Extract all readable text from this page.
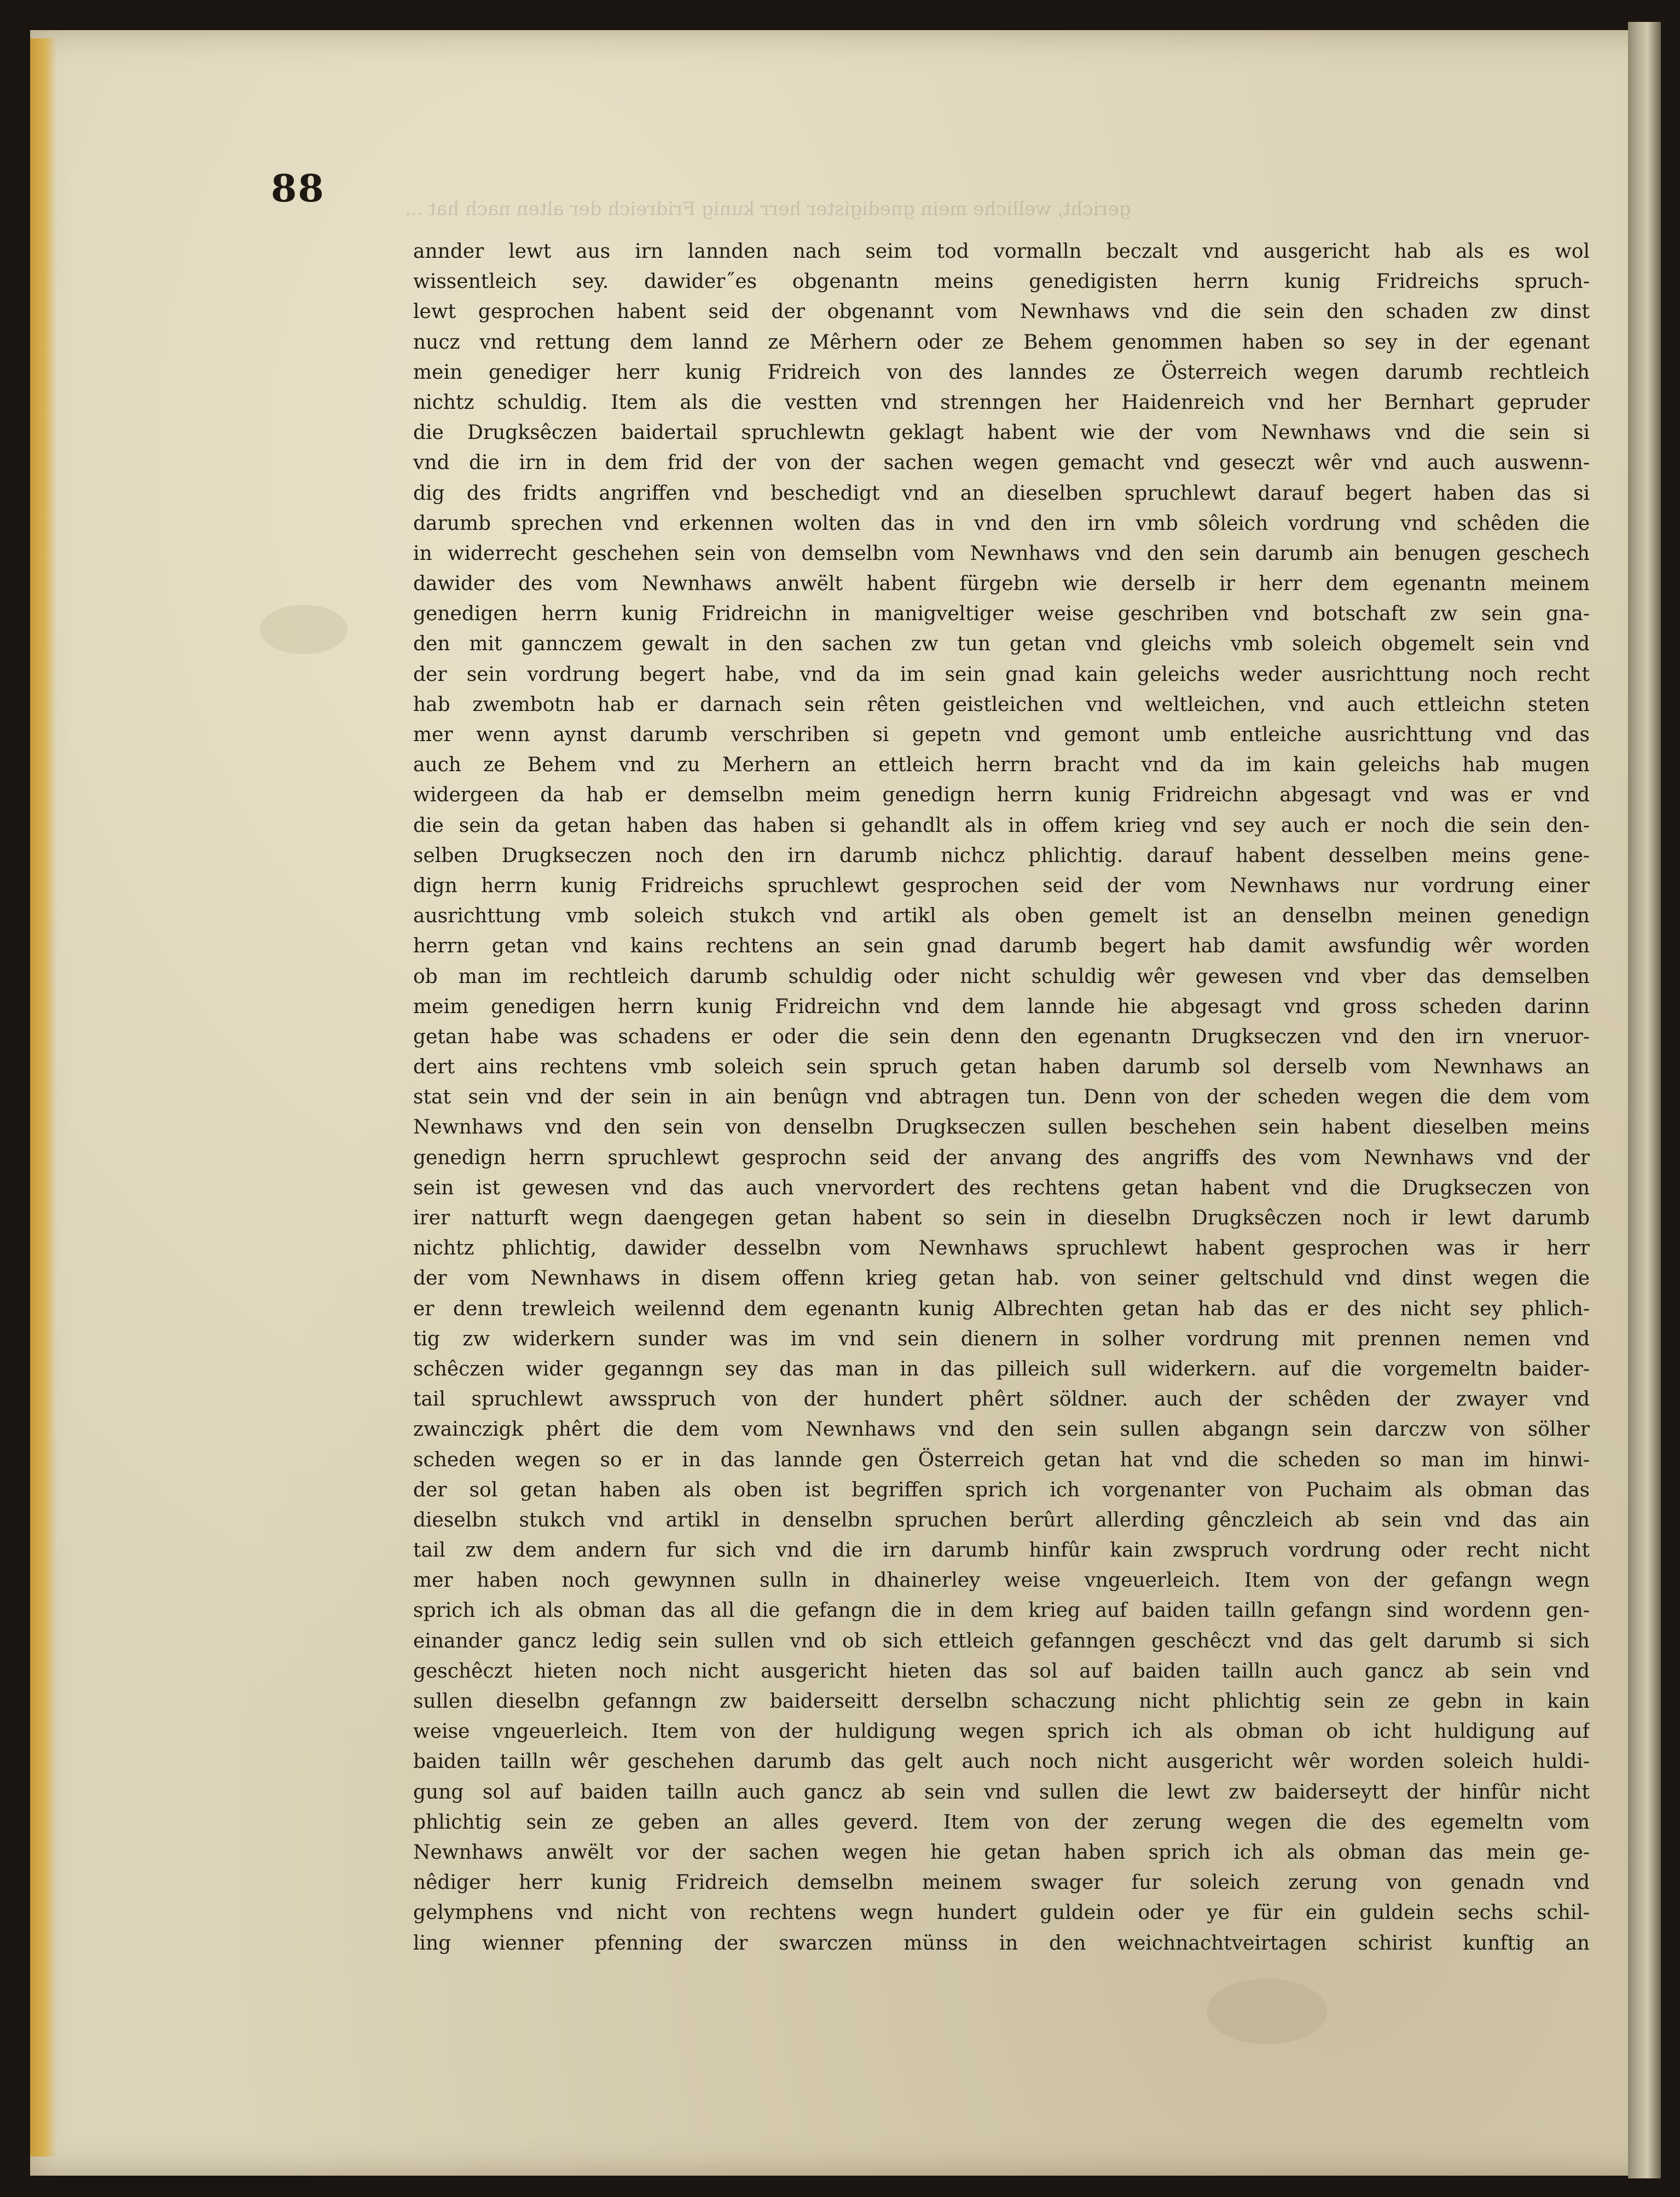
gericht, welliche mein gnedigister herr kunig Fridreich der alten nach hat ...
88
annder lewt aus irn lannden nach seim tod vormalln beczalt vnd ausgericht hab als es wol
wissentleich sey. dawider˝es obgenantn meins genedigisten herrn kunig Fridreichs spruch-
lewt gesprochen habent seid der obgenannt vom Newnhaws vnd die sein den schaden zw dinst
nucz vnd rettung dem lannd ze Mêrhern oder ze Behem genommen haben so sey in der egenant
mein genediger herr kunig Fridreich von des lanndes ze Österreich wegen darumb rechtleich
nichtz schuldig. Item als die vestten vnd strenngen her Haidenreich vnd her Bernhart gepruder
die Drugksêczen baidertail spruchlewtn geklagt habent wie der vom Newnhaws vnd die sein si
vnd die irn in dem frid der von der sachen wegen gemacht vnd geseczt wêr vnd auch auswenn-
dig des fridts angriffen vnd beschedigt vnd an dieselben spruchlewt darauf begert haben das si
darumb sprechen vnd erkennen wolten das in vnd den irn vmb sôleich vordrung vnd schêden die
in widerrecht geschehen sein von demselbn vom Newnhaws vnd den sein darumb ain benugen geschech
dawider des vom Newnhaws anwëlt habent fürgebn wie derselb ir herr dem egenantn meinem
genedigen herrn kunig Fridreichn in manigveltiger weise geschriben vnd botschaft zw sein gna-
den mit gannczem gewalt in den sachen zw tun getan vnd gleichs vmb soleich obgemelt sein vnd
der sein vordrung begert habe, vnd da im sein gnad kain geleichs weder ausrichttung noch recht
hab zwembotn hab er darnach sein rêten geistleichen vnd weltleichen, vnd auch ettleichn steten
mer wenn aynst darumb verschriben si gepetn vnd gemont umb entleiche ausrichttung vnd das
auch ze Behem vnd zu Merhern an ettleich herrn bracht vnd da im kain geleichs hab mugen
widergeen da hab er demselbn meim genedign herrn kunig Fridreichn abgesagt vnd was er vnd
die sein da getan haben das haben si gehandlt als in offem krieg vnd sey auch er noch die sein den-
selben Drugkseczen noch den irn darumb nichcz phlichtig. darauf habent desselben meins gene-
dign herrn kunig Fridreichs spruchlewt gesprochen seid der vom Newnhaws nur vordrung einer
ausrichttung vmb soleich stukch vnd artikl als oben gemelt ist an denselbn meinen genedign
herrn getan vnd kains rechtens an sein gnad darumb begert hab damit awsfundig wêr worden
ob man im rechtleich darumb schuldig oder nicht schuldig wêr gewesen vnd vber das demselben
meim genedigen herrn kunig Fridreichn vnd dem lannde hie abgesagt vnd gross scheden darinn
getan habe was schadens er oder die sein denn den egenantn Drugkseczen vnd den irn vneruor-
dert ains rechtens vmb soleich sein spruch getan haben darumb sol derselb vom Newnhaws an
stat sein vnd der sein in ain benûgn vnd abtragen tun. Denn von der scheden wegen die dem vom
Newnhaws vnd den sein von denselbn Drugkseczen sullen beschehen sein habent dieselben meins
genedign herrn spruchlewt gesprochn seid der anvang des angriffs des vom Newnhaws vnd der
sein ist gewesen vnd das auch vnervordert des rechtens getan habent vnd die Drugkseczen von
irer natturft wegn daengegen getan habent so sein in dieselbn Drugksêczen noch ir lewt darumb
nichtz phlichtig, dawider desselbn vom Newnhaws spruchlewt habent gesprochen was ir herr
der vom Newnhaws in disem offenn krieg getan hab. von seiner geltschuld vnd dinst wegen die
er denn trewleich weilennd dem egenantn kunig Albrechten getan hab das er des nicht sey phlich-
tig zw widerkern sunder was im vnd sein dienern in solher vordrung mit prennen nemen vnd
schêczen wider geganngn sey das man in das pilleich sull widerkern. auf die vorgemeltn baider-
tail spruchlewt awsspruch von der hundert phêrt söldner. auch der schêden der zwayer vnd
zwainczigk phêrt die dem vom Newnhaws vnd den sein sullen abgangn sein darczw von sölher
scheden wegen so er in das lannde gen Österreich getan hat vnd die scheden so man im hinwi-
der sol getan haben als oben ist begriffen sprich ich vorgenanter von Puchaim als obman das
dieselbn stukch vnd artikl in denselbn spruchen berûrt allerding gênczleich ab sein vnd das ain
tail zw dem andern fur sich vnd die irn darumb hinfûr kain zwspruch vordrung oder recht nicht
mer haben noch gewynnen sulln in dhainerley weise vngeuerleich. Item von der gefangn wegn
sprich ich als obman das all die gefangn die in dem krieg auf baiden tailln gefangn sind wordenn gen-
einander gancz ledig sein sullen vnd ob sich ettleich gefanngen geschêczt vnd das gelt darumb si sich
geschêczt hieten noch nicht ausgericht hieten das sol auf baiden tailln auch gancz ab sein vnd
sullen dieselbn gefanngn zw baiderseitt derselbn schaczung nicht phlichtig sein ze gebn in kain
weise vngeuerleich. Item von der huldigung wegen sprich ich als obman ob icht huldigung auf
baiden tailln wêr geschehen darumb das gelt auch noch nicht ausgericht wêr worden soleich huldi-
gung sol auf baiden tailln auch gancz ab sein vnd sullen die lewt zw baiderseytt der hinfûr nicht
phlichtig sein ze geben an alles geverd. Item von der zerung wegen die des egemeltn vom
Newnhaws anwëlt vor der sachen wegen hie getan haben sprich ich als obman das mein ge-
nêdiger herr kunig Fridreich demselbn meinem swager fur soleich zerung von genadn vnd
gelymphens vnd nicht von rechtens wegn hundert guldein oder ye für ein guldein sechs schil-
ling wienner pfenning der swarczen münss in den weichnachtveirtagen schirist kunftig an
